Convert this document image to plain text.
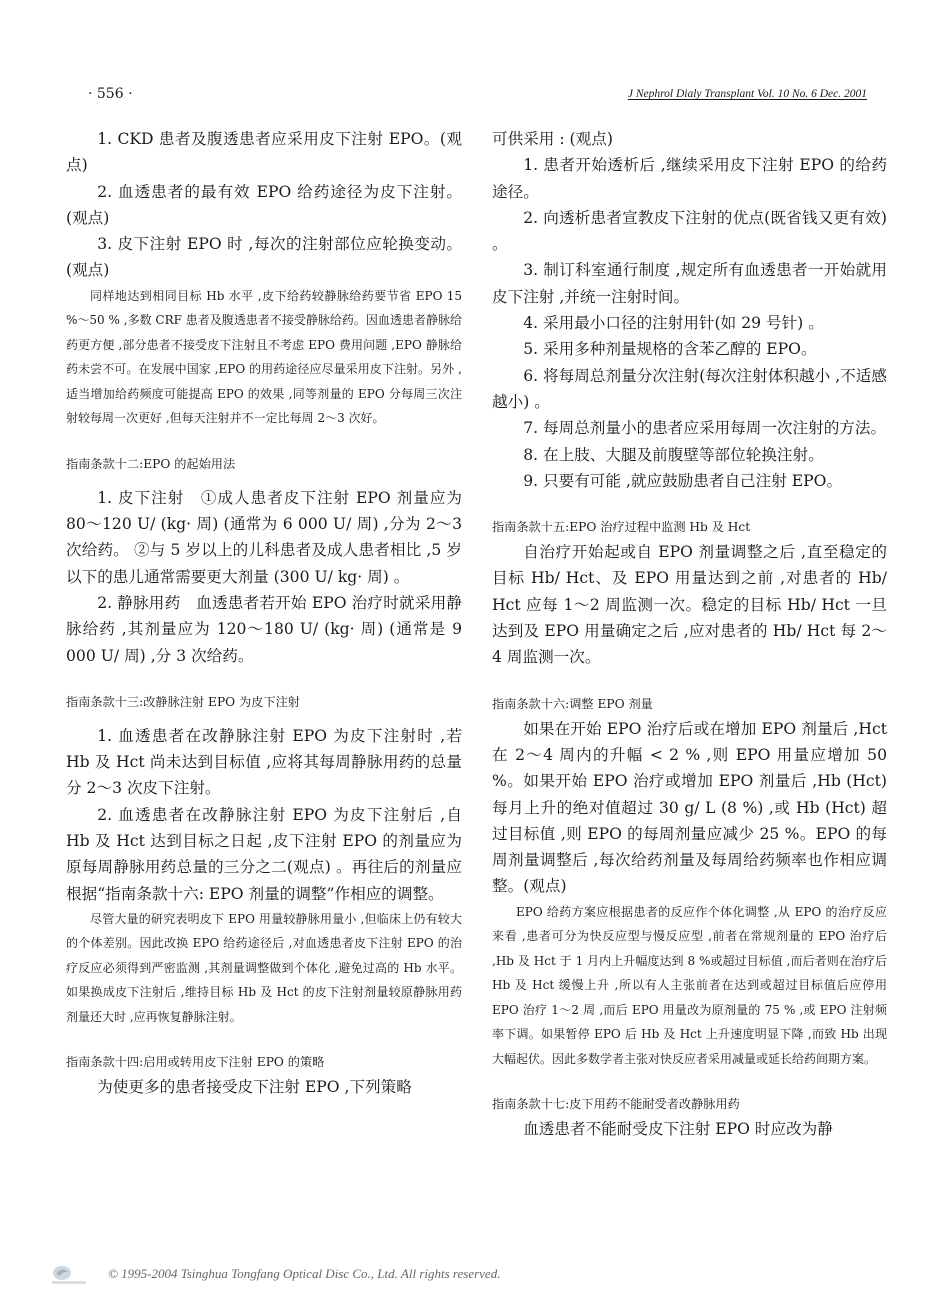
· 556 ·	J Nephrol Dialy Transplant Vol. 10 No. 6 Dec. 2001

1. CKD 患者及腹透患者应采用皮下注射 EPO。(观点)

2. 血透患者的最有效 EPO 给药途径为皮下注射。(观点)

3. 皮下注射 EPO 时 ,每次的注射部位应轮换变动。(观点)

同样地达到相同目标 Hb 水平 ,皮下给药较静脉给药要节省 EPO 15 %～50 % ,多数 CRF 患者及腹透患者不接受静脉给药。因血透患者静脉给药更方便 ,部分患者不接受皮下注射且不考虑 EPO 费用问题 ,EPO 静脉给药未尝不可。在发展中国家 ,EPO 的用药途径应尽量采用皮下注射。另外 ,适当增加给药频度可能提高 EPO 的效果 ,同等剂量的 EPO 分每周三次注射较每周一次更好 ,但每天注射并不一定比每周 2～3 次好。

指南条款十二:EPO 的起始用法

1. 皮下注射　①成人患者皮下注射 EPO 剂量应为 80～120 U/ (kg· 周) (通常为 6 000 U/ 周) ,分为 2～3 次给药。 ②与 5 岁以上的儿科患者及成人患者相比 ,5 岁以下的患儿通常需要更大剂量 (300 U/ kg· 周) 。

2. 静脉用药　血透患者若开始 EPO 治疗时就采用静脉给药 ,其剂量应为 120～180 U/ (kg· 周) (通常是 9 000 U/ 周) ,分 3 次给药。

指南条款十三:改静脉注射 EPO 为皮下注射

1. 血透患者在改静脉注射 EPO 为皮下注射时 ,若 Hb 及 Hct 尚未达到目标值 ,应将其每周静脉用药的总量分 2～3 次皮下注射。

2. 血透患者在改静脉注射 EPO 为皮下注射后 ,自 Hb 及 Hct 达到目标之日起 ,皮下注射 EPO 的剂量应为原每周静脉用药总量的三分之二(观点) 。再往后的剂量应根据“指南条款十六: EPO 剂量的调整”作相应的调整。

尽管大量的研究表明皮下 EPO 用量较静脉用量小 ,但临床上仍有较大的个体差别。因此改换 EPO 给药途径后 ,对血透患者皮下注射 EPO 的治疗反应必须得到严密监测 ,其剂量调整做到个体化 ,避免过高的 Hb 水平。如果换成皮下注射后 ,维持目标 Hb 及 Hct 的皮下注射剂量较原静脉用药剂量还大时 ,应再恢复静脉注射。

指南条款十四:启用或转用皮下注射 EPO 的策略

为使更多的患者接受皮下注射 EPO ,下列策略

可供采用 : (观点)

1. 患者开始透析后 ,继续采用皮下注射 EPO 的给药途径。

2. 向透析患者宣教皮下注射的优点(既省钱又更有效) 。

3. 制订科室通行制度 ,规定所有血透患者一开始就用皮下注射 ,并统一注射时间。

4. 采用最小口径的注射用针(如 29 号针) 。

5. 采用多种剂量规格的含苯乙醇的 EPO。

6. 将每周总剂量分次注射(每次注射体积越小 ,不适感越小) 。

7. 每周总剂量小的患者应采用每周一次注射的方法。

8. 在上肢、大腿及前腹壁等部位轮换注射。

9. 只要有可能 ,就应鼓励患者自己注射 EPO。

指南条款十五:EPO 治疗过程中监测 Hb 及 Hct

自治疗开始起或自 EPO 剂量调整之后 ,直至稳定的目标 Hb/ Hct、及 EPO 用量达到之前 ,对患者的 Hb/ Hct 应每 1～2 周监测一次。稳定的目标 Hb/ Hct 一旦达到及 EPO 用量确定之后 ,应对患者的 Hb/ Hct 每 2～4 周监测一次。

指南条款十六:调整 EPO 剂量

如果在开始 EPO 治疗后或在增加 EPO 剂量后 ,Hct 在 2～4 周内的升幅 < 2 % ,则 EPO 用量应增加 50 %。如果开始 EPO 治疗或增加 EPO 剂量后 ,Hb (Hct) 每月上升的绝对值超过 30 g/ L (8 %) ,或 Hb (Hct) 超过目标值 ,则 EPO 的每周剂量应减少 25 %。EPO 的每周剂量调整后 ,每次给药剂量及每周给药频率也作相应调整。(观点)

EPO 给药方案应根据患者的反应作个体化调整 ,从 EPO 的治疗反应来看 ,患者可分为快反应型与慢反应型 ,前者在常规剂量的 EPO 治疗后 ,Hb 及 Hct 于 1 月内上升幅度达到 8 %或超过目标值 ,而后者则在治疗后 Hb 及 Hct 缓慢上升 ,所以有人主张前者在达到或超过目标值后应停用 EPO 治疗 1～2 周 ,而后 EPO 用量改为原剂量的 75 % ,或 EPO 注射频率下调。如果暂停 EPO 后 Hb 及 Hct 上升速度明显下降 ,而致 Hb 出现大幅起伏。因此多数学者主张对快反应者采用减量或延长给药间期方案。

指南条款十七:皮下用药不能耐受者改静脉用药

血透患者不能耐受皮下注射 EPO 时应改为静

© 1995-2004 Tsinghua Tongfang Optical Disc Co., Ltd. All rights reserved.
